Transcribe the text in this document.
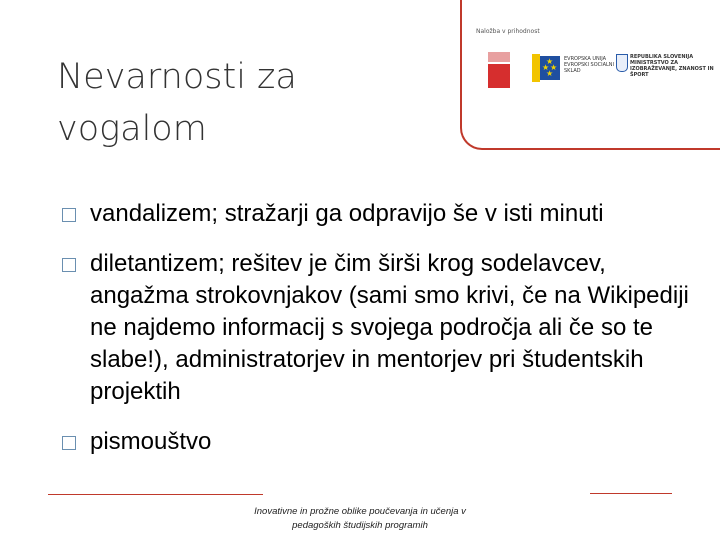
Nevarnosti za
vogalom
Naložba v prihodnost
★
★ ★
★
EVROPSKA UNIJA EVROPSKI SOCIALNI SKLAD
REPUBLIKA SLOVENIJA MINISTRSTVO ZA IZOBRAŽEVANJE, ZNANOST IN ŠPORT
vandalizem; stražarji ga odpravijo še v isti minuti
diletantizem; rešitev je čim širši krog sodelavcev, angažma strokovnjakov (sami smo krivi, če na Wikipediji ne najdemo informacij s svojega področja ali če so te slabe!), administratorjev in mentorjev pri študentskih projektih
pismouštvo
Inovativne in prožne oblike poučevanja in učenja v
pedagoških študijskih programih
